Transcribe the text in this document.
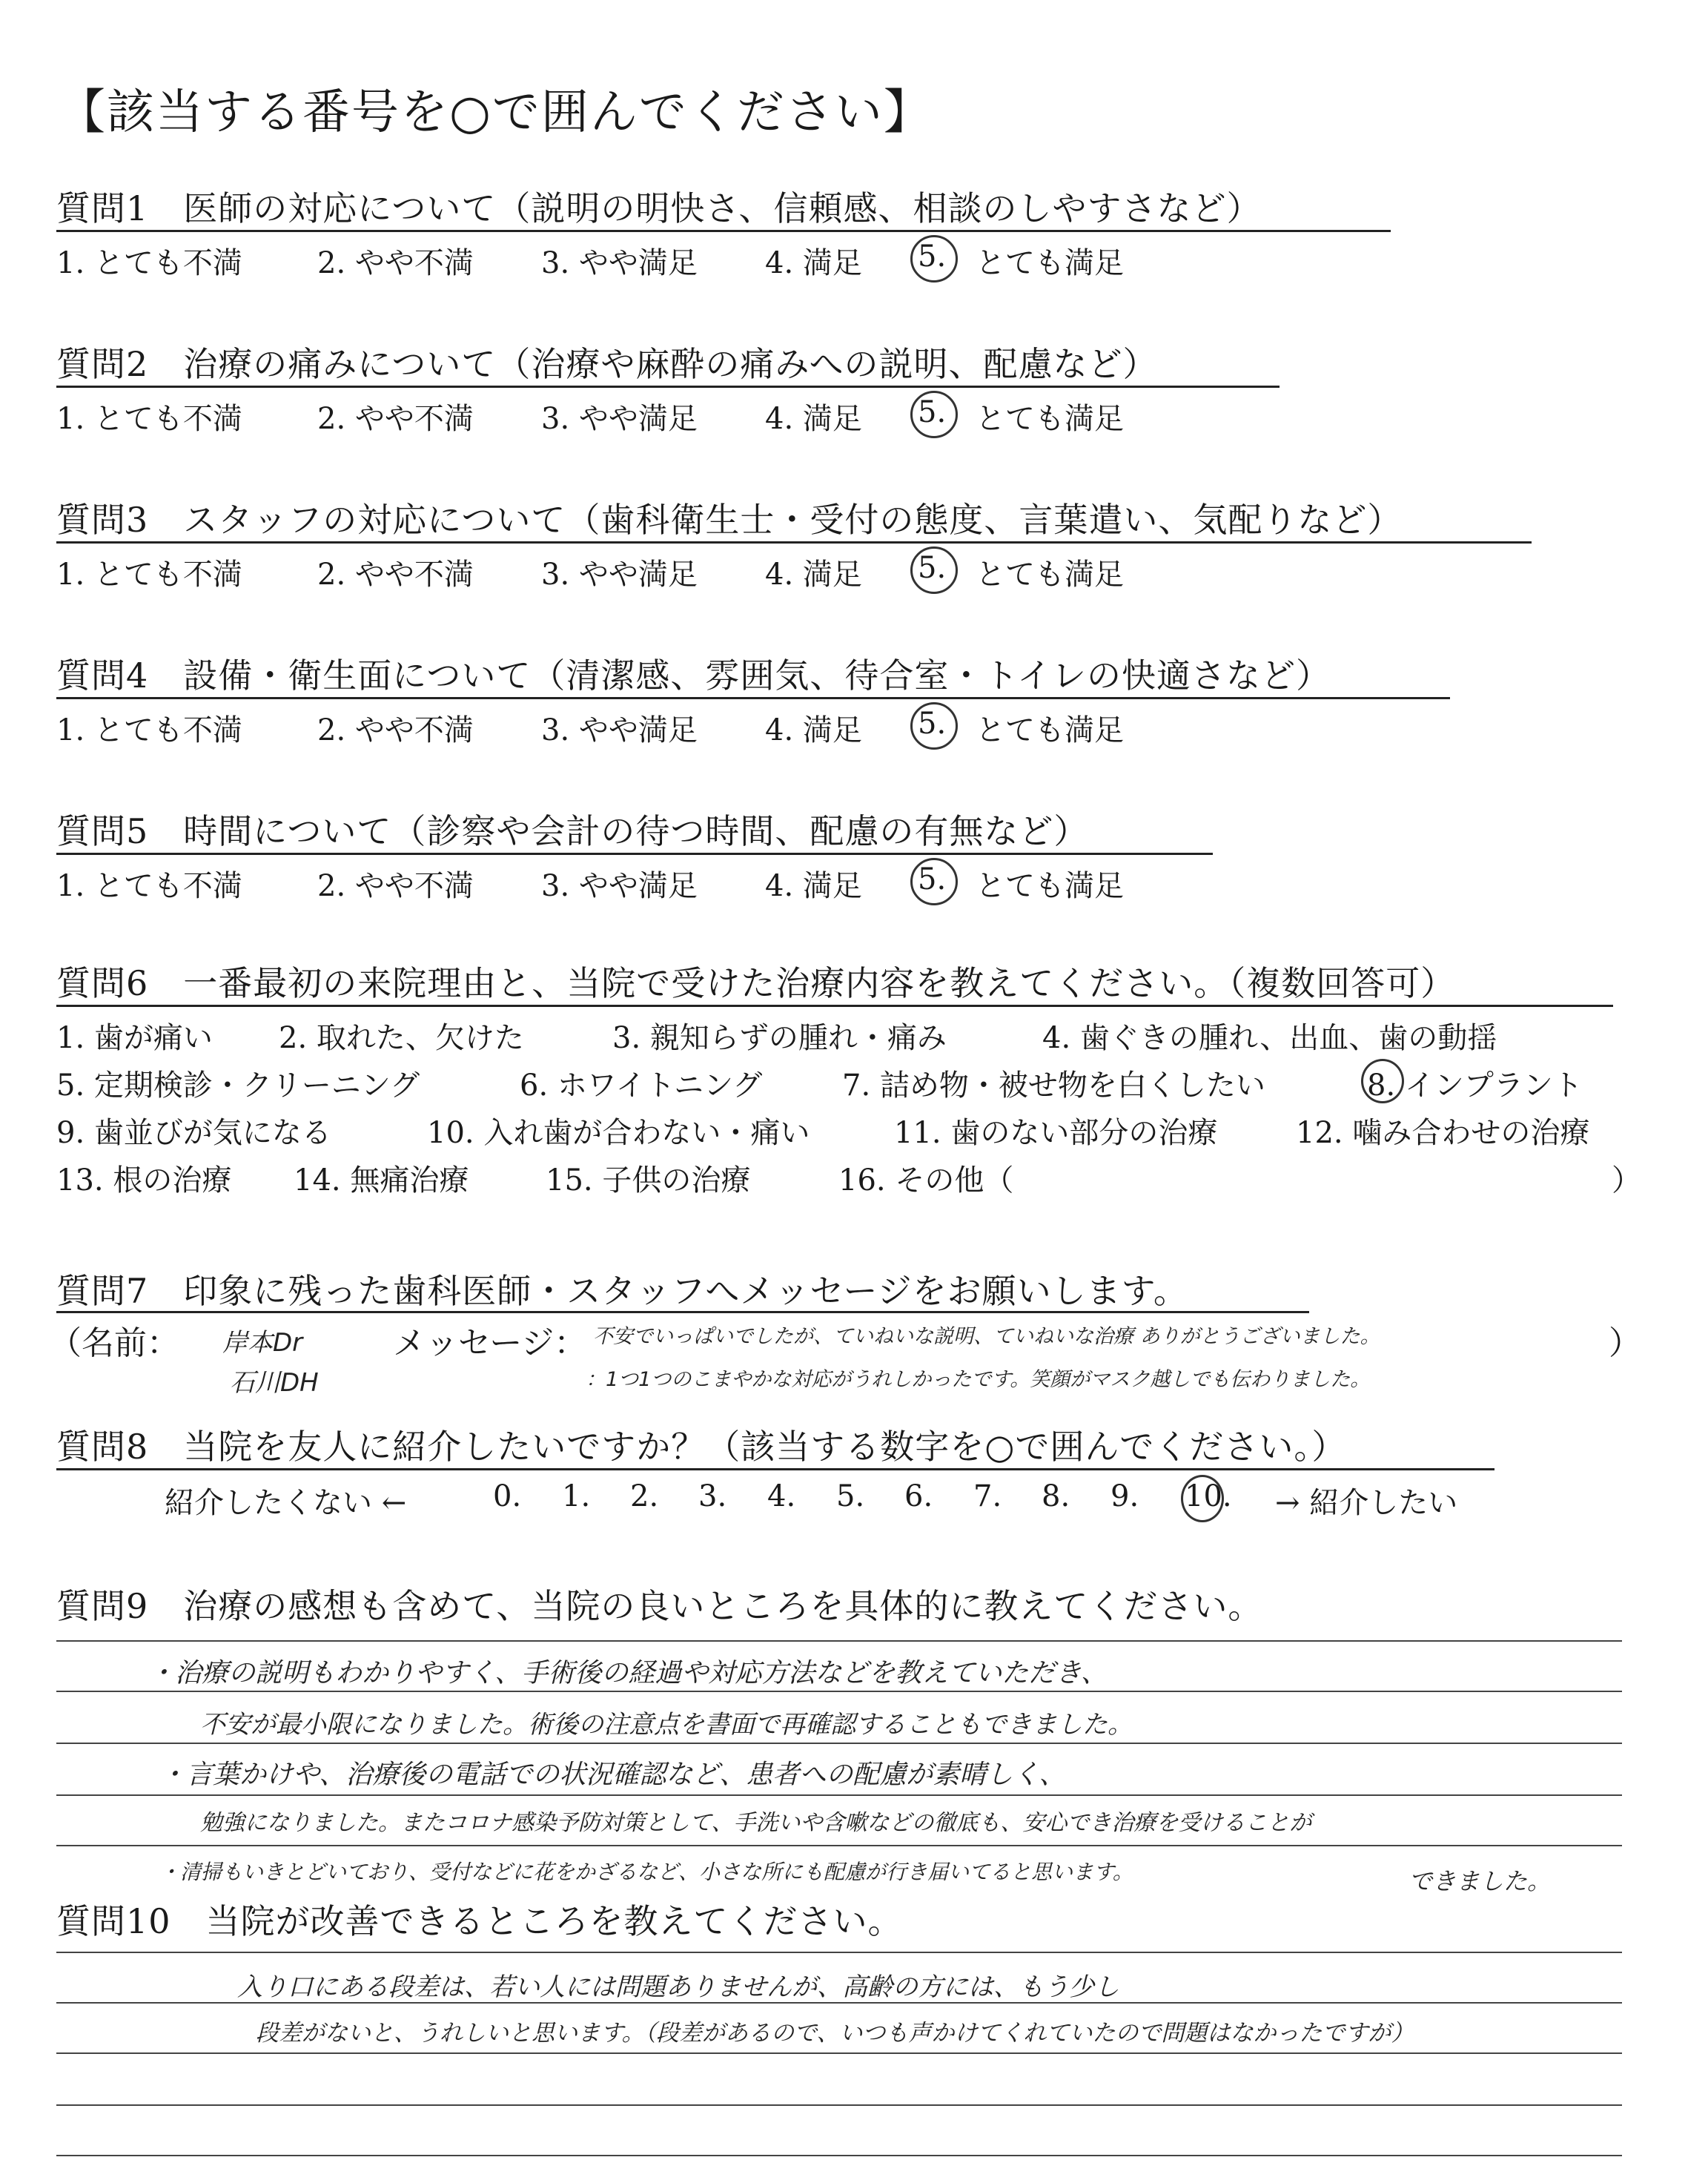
【該当する番号を○で囲んでください】
質問1　 医師の対応について（説明の明快さ、信頼感、相談のしやすさなど）
1. とても不満	2. やや不満 3. やや満足 4. 満足 5. とても満足
質問2　 治療の痛みについて（治療や麻酔の痛みへの説明、配慮など）
1. とても不満	2. やや不満 3. やや満足 4. 満足 5. とても満足
質問3　 スタッフの対応について（歯科衛生士・受付の態度、言葉遣い、気配りなど）
1. とても不満	2. やや不満 3. やや満足 4. 満足 5. とても満足
質問4　 設備・衛生面について（清潔感、雰囲気、待合室・トイレの快適さなど）
1. とても不満	2. やや不満 3. やや満足 4. 満足 5. とても満足
質問5　 時間について（診察や会計の待つ時間、配慮の有無など）
1. とても不満	2. やや不満 3. やや満足 4. 満足 5. とても満足
質問6　 一番最初の来院理由と、当院で受けた治療内容を教えてください。（複数回答可）
1. 歯が痛い 2. 取れた、欠けた	3. 親知らずの腫れ・痛み	4. 歯ぐきの腫れ、出血、歯の動揺
5. 定期検診・クリーニング	6. ホワイトニング	7. 詰め物・被せ物を白くしたい	8. インプラント
9. 歯並びが気になる	10. 入れ歯が合わない・痛い	11. 歯のない部分の治療	12. 噛み合わせの治療
13. 根の治療 14. 無痛治療	15. 子供の治療	16. その他（	）
質問7　 印象に残った歯科医師・スタッフへメッセージをお願いします。
（名前： 岸本Dr	メッセージ： 不安でいっぱいでしたが、ていねいな説明、ていねいな治療 ありがとうございました。	）
石川DH	：1つ1つのこまやかな対応がうれしかったです。笑顔がマスク越しでも伝わりました。
質問8　 当院を友人に紹介したいですか？（該当する数字を○で囲んでください。）
紹介したくない ←	0. 1. 2. 3. 4. 5. 6. 7. 8. 9. 10. → 紹介したい
質問9　 治療の感想も含めて、当院の良いところを具体的に教えてください。
・治療の説明もわかりやすく、手術後の経過や対応方法などを教えていただき、
不安が最小限になりました。術後の注意点を書面で再確認することもできました。
・言葉かけや、治療後の電話での状況確認など、患者への配慮が素晴しく、
勉強になりました。またコロナ感染予防対策として、手洗いや含嗽などの徹底も、安心でき治療を受けることが
・清掃もいきとどいており、受付などに花をかざるなど、小さな所にも配慮が行き届いてると思います。	できました。
質問10　 当院が改善できるところを教えてください。
入り口にある段差は、若い人には問題ありませんが、高齢の方には、もう少し
段差がないと、うれしいと思います。（段差があるので、いつも声かけてくれていたので問題はなかったですが）
